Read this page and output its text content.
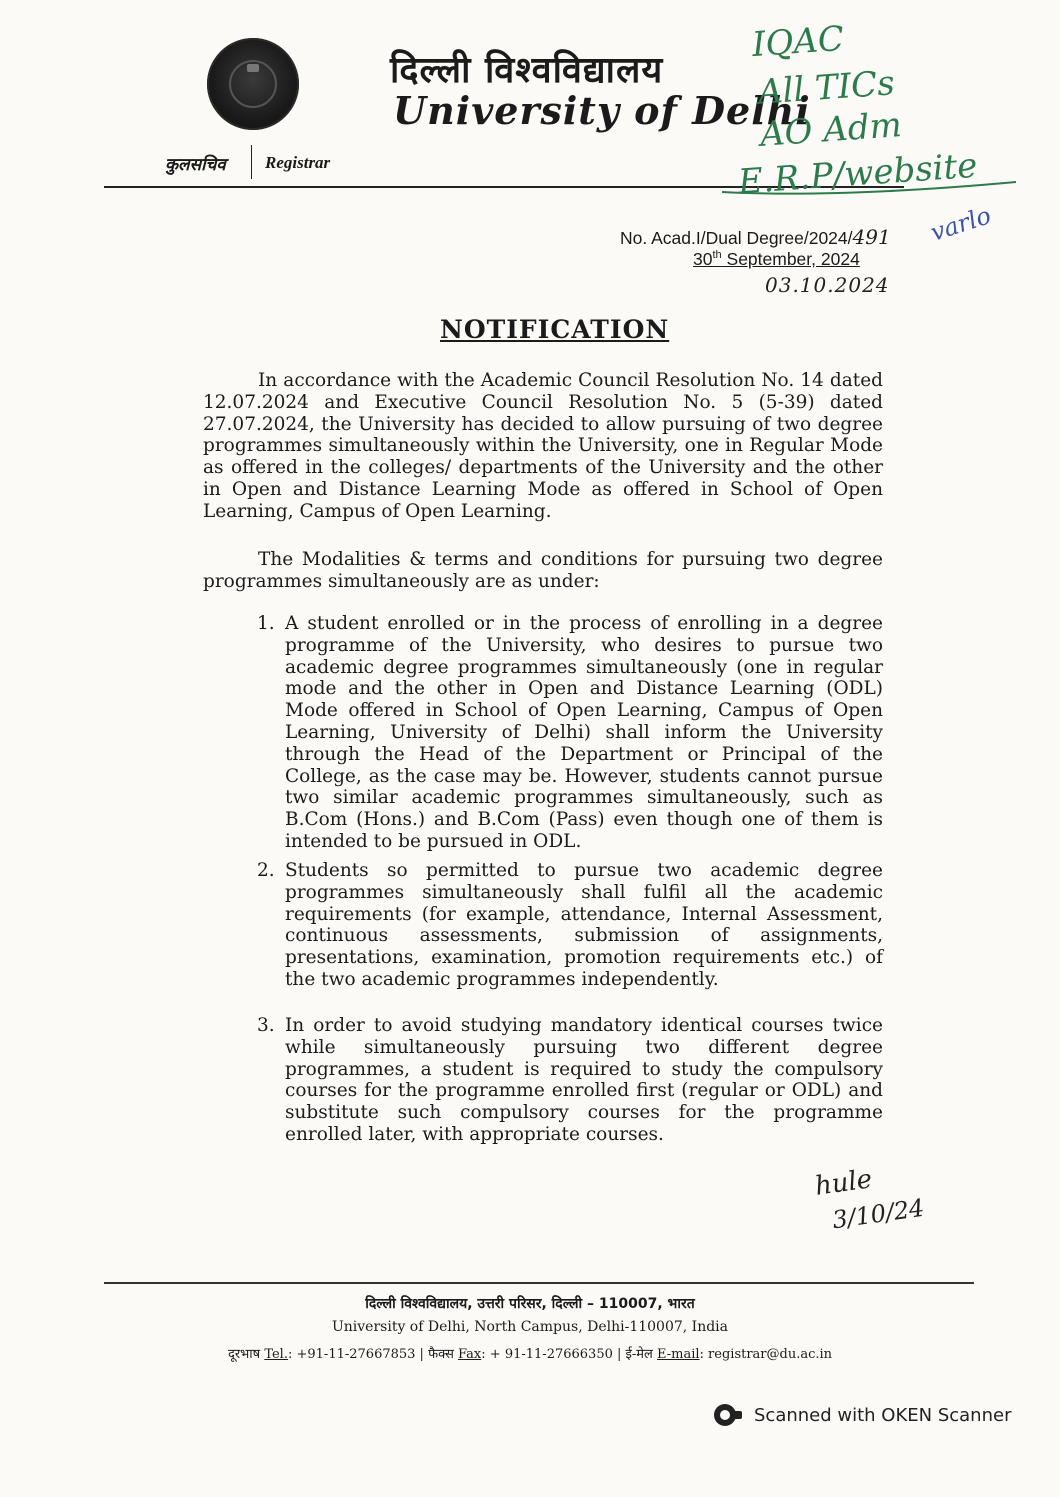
दिल्ली विश्वविद्यालय
University of Delhi
कुलसचिव Registrar
IQAC
All TICs
AO Adm
E.R.P/website
varlo
No. Acad.I/Dual Degree/2024/491
30th September, 2024
03.10.2024
NOTIFICATION
In accordance with the Academic Council Resolution No. 14 dated 12.07.2024 and Executive Council Resolution No. 5 (5-39) dated 27.07.2024, the University has decided to allow pursuing of two degree programmes simultaneously within the University, one in Regular Mode as offered in the colleges/ departments of the University and the other in Open and Distance Learning Mode as offered in School of Open Learning, Campus of Open Learning.
The Modalities & terms and conditions for pursuing two degree programmes simultaneously are as under:
1. A student enrolled or in the process of enrolling in a degree programme of the University, who desires to pursue two academic degree programmes simultaneously (one in regular mode and the other in Open and Distance Learning (ODL) Mode offered in School of Open Learning, Campus of Open Learning, University of Delhi) shall inform the University through the Head of the Department or Principal of the College, as the case may be. However, students cannot pursue two similar academic programmes simultaneously, such as B.Com (Hons.) and B.Com (Pass) even though one of them is intended to be pursued in ODL.
2. Students so permitted to pursue two academic degree programmes simultaneously shall fulfil all the academic requirements (for example, attendance, Internal Assessment, continuous assessments, submission of assignments, presentations, examination, promotion requirements etc.) of the two academic programmes independently.
3. In order to avoid studying mandatory identical courses twice while simultaneously pursuing two different degree programmes, a student is required to study the compulsory courses for the programme enrolled first (regular or ODL) and substitute such compulsory courses for the programme enrolled later, with appropriate courses.
hule
3/10/24
दिल्ली विश्वविद्यालय, उत्तरी परिसर, दिल्ली – 110007, भारत
University of Delhi, North Campus, Delhi-110007, India
दूरभाष Tel.: +91-11-27667853 | फैक्स Fax: + 91-11-27666350 | ई-मेल E-mail: registrar@du.ac.in
Scanned with OKEN Scanner
